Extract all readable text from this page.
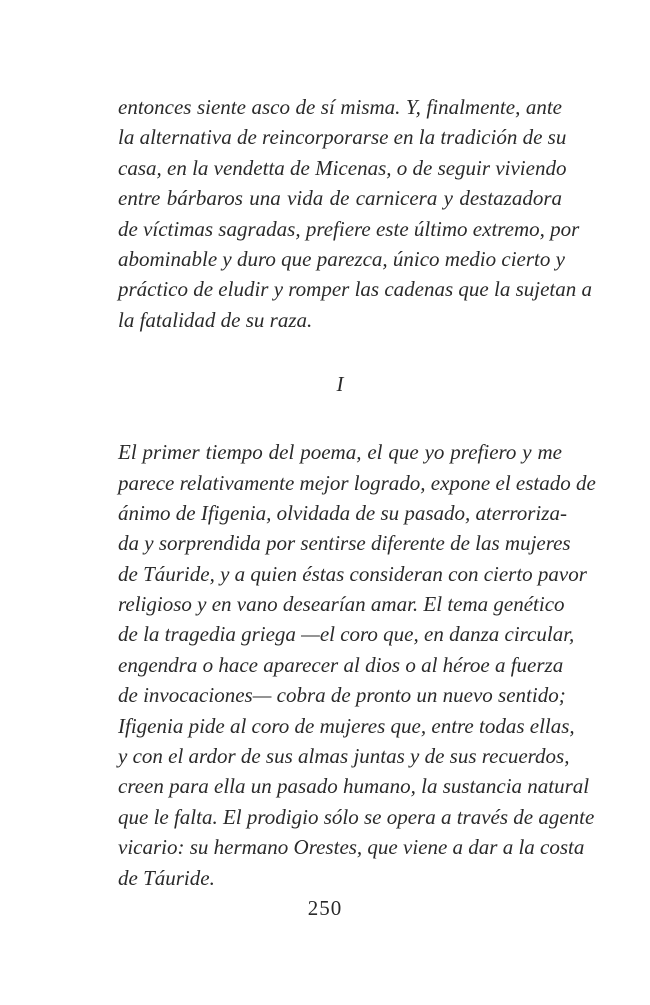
entonces siente asco de sí misma. Y, finalmente, ante
la alternativa de reincorporarse en la tradición de su
casa, en la vendetta de Micenas, o de seguir viviendo
entre bárbaros una vida de carnicera y destazadora
de víctimas sagradas, prefiere este último extremo, por
abominable y duro que parezca, único medio cierto y
práctico de eludir y romper las cadenas que la sujetan a
la fatalidad de su raza.
I
El primer tiempo del poema, el que yo prefiero y me
parece relativamente mejor logrado, expone el estado de
ánimo de Ifigenia, olvidada de su pasado, aterroriza-
da y sorprendida por sentirse diferente de las mujeres
de Táuride, y a quien éstas consideran con cierto pavor
religioso y en vano desearían amar. El tema genético
de la tragedia griega —el coro que, en danza circular,
engendra o hace aparecer al dios o al héroe a fuerza
de invocaciones— cobra de pronto un nuevo sentido;
Ifigenia pide al coro de mujeres que, entre todas ellas,
y con el ardor de sus almas juntas y de sus recuerdos,
creen para ella un pasado humano, la sustancia natural
que le falta. El prodigio sólo se opera a través de agente
vicario: su hermano Orestes, que viene a dar a la costa
de Táuride.
250
